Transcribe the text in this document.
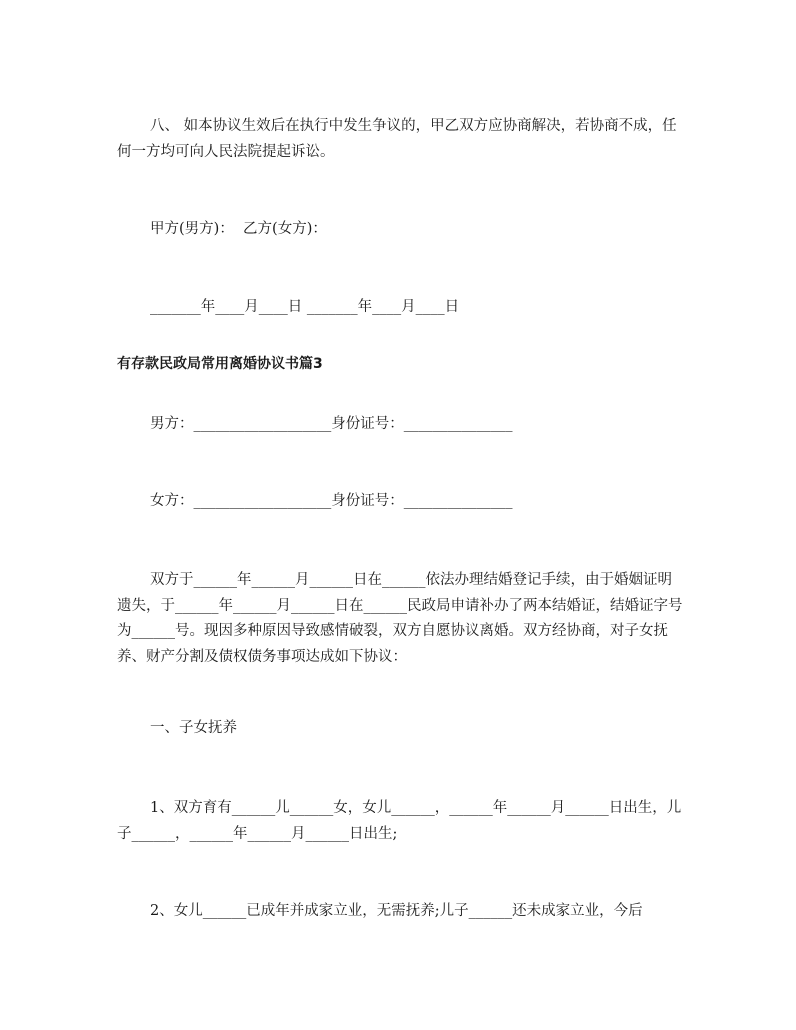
八、 如本协议生效后在执行中发生争议的，甲乙双方应协商解决，若协商不成，任何一方均可向人民法院提起诉讼。

甲方(男方)：  乙方(女方)：

_______年____月____日 _______年____月____日

有存款民政局常用离婚协议书篇3

男方：___________________身份证号：_______________

女方：___________________身份证号：_______________

双方于______年______月______日在______依法办理结婚登记手续，由于婚姻证明遗失，于______年______月______日在______民政局申请补办了两本结婚证，结婚证字号为______号。现因多种原因导致感情破裂，双方自愿协议离婚。双方经协商，对子女抚养、财产分割及债权债务事项达成如下协议：

一、子女抚养

1、双方育有______儿______女，女儿______，______年______月______日出生，儿子______，______年______月______日出生;

2、女儿______已成年并成家立业，无需抚养;儿子______还未成家立业，今后
